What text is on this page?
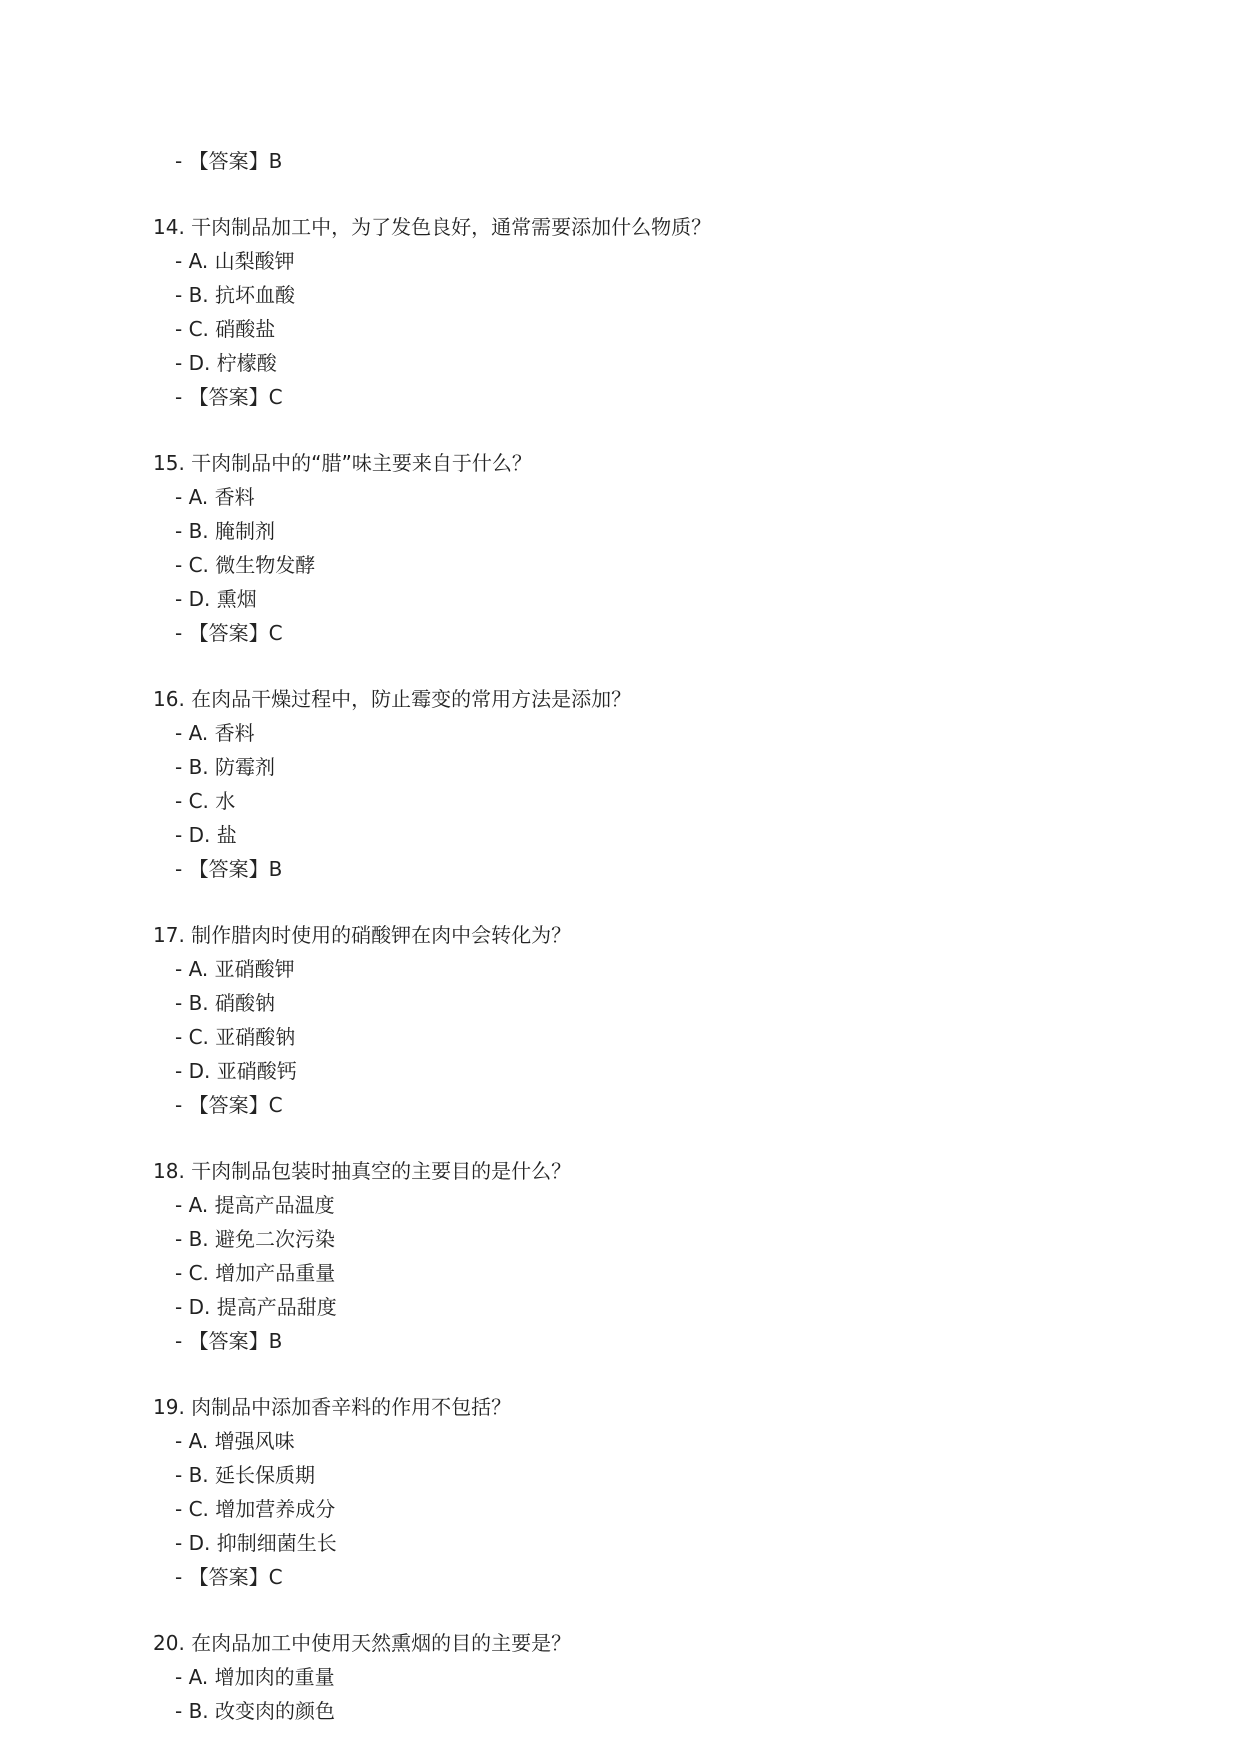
- 【答案】B
14. 干肉制品加工中，为了发色良好，通常需要添加什么物质？
- A. 山梨酸钾
- B. 抗坏血酸
- C. 硝酸盐
- D. 柠檬酸
- 【答案】C
15. 干肉制品中的“腊”味主要来自于什么？
- A. 香料
- B. 腌制剂
- C. 微生物发酵
- D. 熏烟
- 【答案】C
16. 在肉品干燥过程中，防止霉变的常用方法是添加？
- A. 香料
- B. 防霉剂
- C. 水
- D. 盐
- 【答案】B
17. 制作腊肉时使用的硝酸钾在肉中会转化为？
- A. 亚硝酸钾
- B. 硝酸钠
- C. 亚硝酸钠
- D. 亚硝酸钙
- 【答案】C
18. 干肉制品包装时抽真空的主要目的是什么？
- A. 提高产品温度
- B. 避免二次污染
- C. 增加产品重量
- D. 提高产品甜度
- 【答案】B
19. 肉制品中添加香辛料的作用不包括？
- A. 增强风味
- B. 延长保质期
- C. 增加营养成分
- D. 抑制细菌生长
- 【答案】C
20. 在肉品加工中使用天然熏烟的目的主要是？
- A. 增加肉的重量
- B. 改变肉的颜色
